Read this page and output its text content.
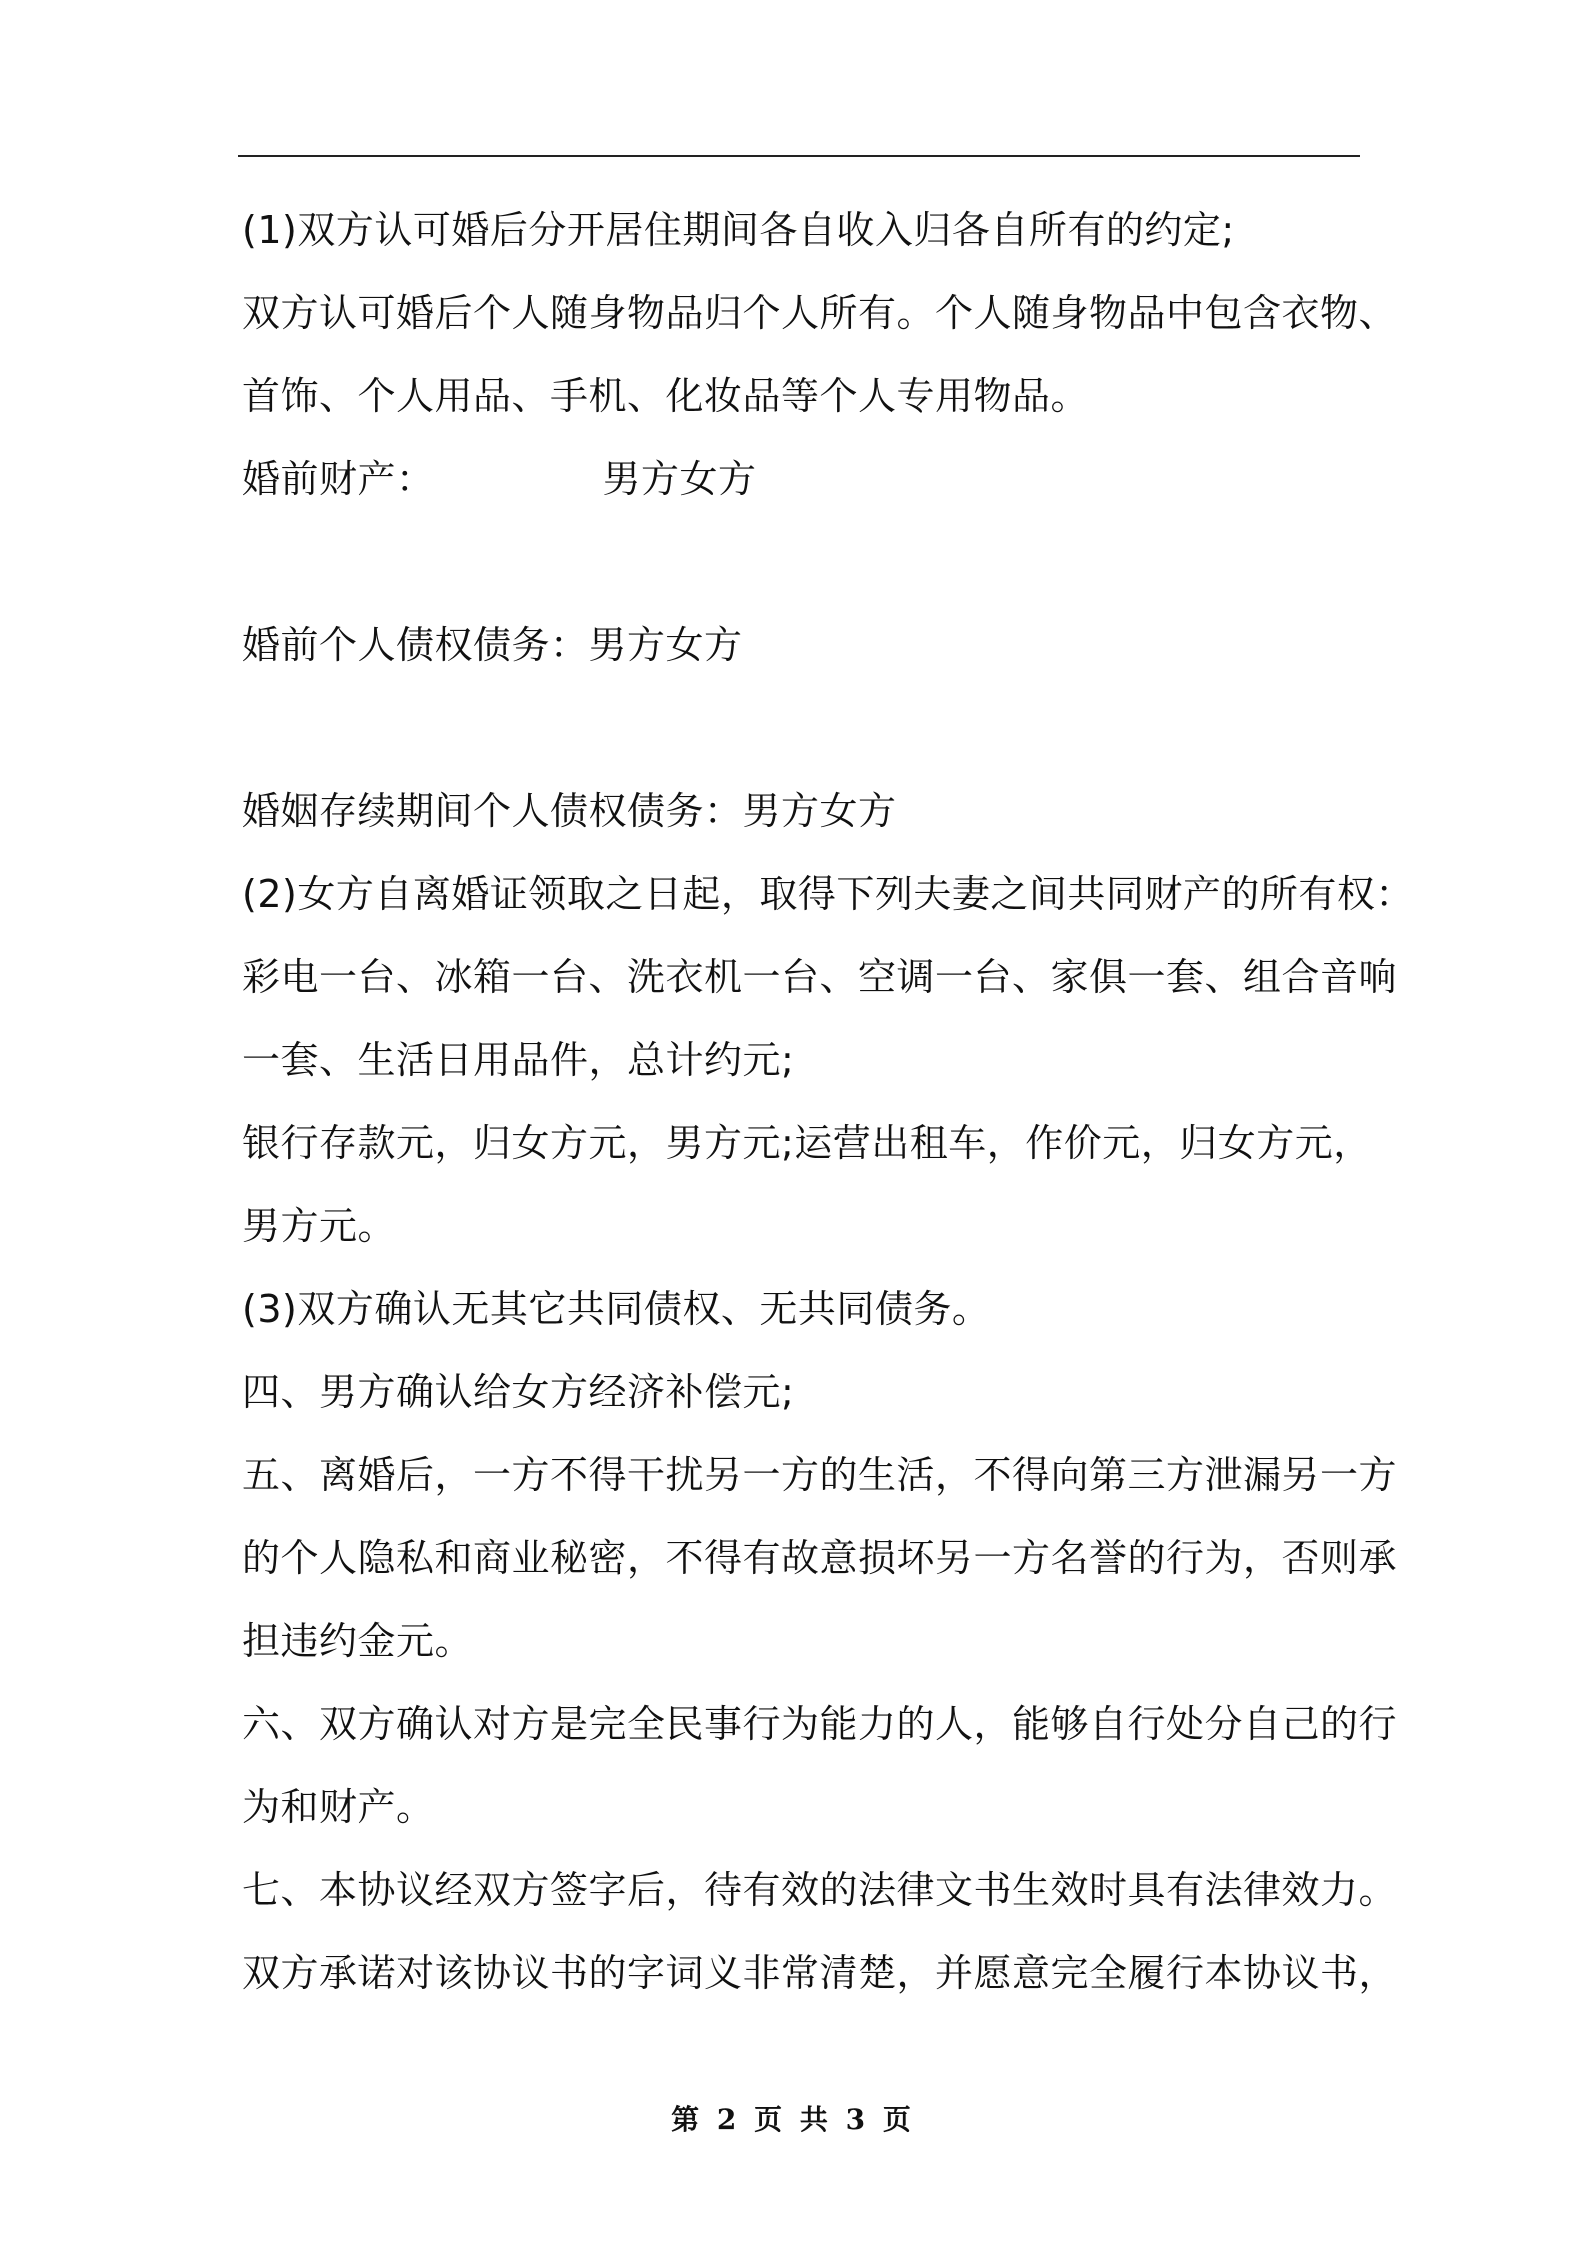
(1)双方认可婚后分开居住期间各自收入归各自所有的约定;
双方认可婚后个人随身物品归个人所有。个人随身物品中包含衣物、
首饰、个人用品、手机、化妆品等个人专用物品。
婚前财产：	男方女方
婚前个人债权债务：男方女方
婚姻存续期间个人债权债务：男方女方
(2)女方自离婚证领取之日起，取得下列夫妻之间共同财产的所有权：
彩电一台、冰箱一台、洗衣机一台、空调一台、家俱一套、组合音响
一套、生活日用品件，总计约元;
银行存款元，归女方元，男方元;运营出租车，作价元，归女方元，
男方元。
(3)双方确认无其它共同债权、无共同债务。
四、男方确认给女方经济补偿元;
五、离婚后，一方不得干扰另一方的生活，不得向第三方泄漏另一方
的个人隐私和商业秘密，不得有故意损坏另一方名誉的行为，否则承
担违约金元。
六、双方确认对方是完全民事行为能力的人，能够自行处分自己的行
为和财产。
七、本协议经双方签字后，待有效的法律文书生效时具有法律效力。
双方承诺对该协议书的字词义非常清楚，并愿意完全履行本协议书，
第 2 页 共 3 页
